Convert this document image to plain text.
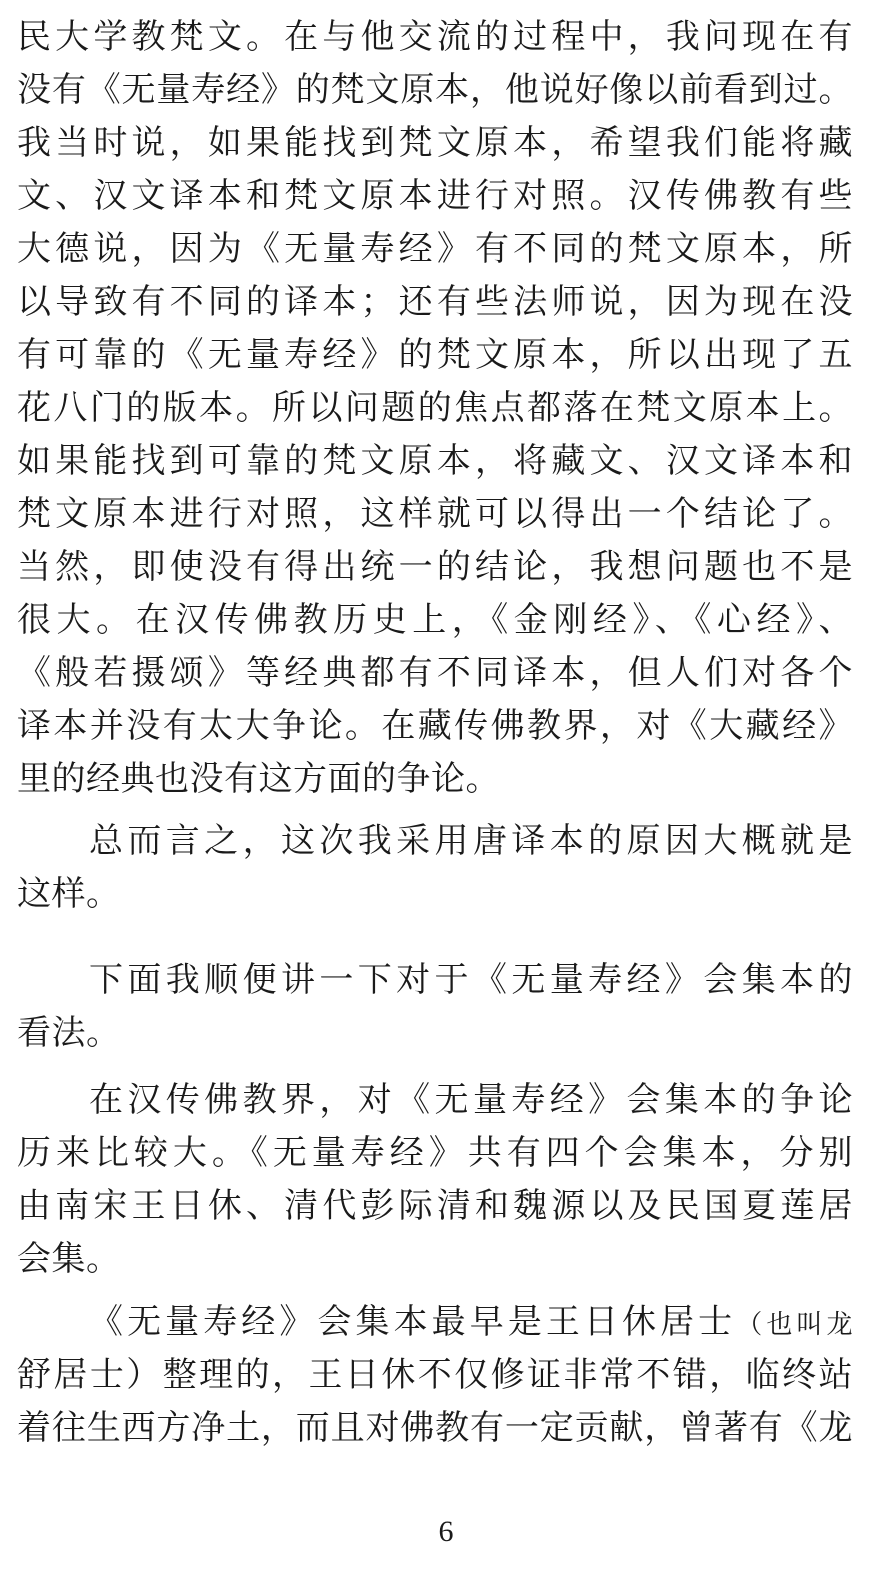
民大学教梵文。在与他交流的过程中，我问现在有
没有《无量寿经》的梵文原本，他说好像以前看到过。
我当时说，如果能找到梵文原本，希望我们能将藏
文、汉文译本和梵文原本进行对照。汉传佛教有些
大德说，因为《无量寿经》有不同的梵文原本，所
以导致有不同的译本；还有些法师说，因为现在没
有可靠的《无量寿经》的梵文原本，所以出现了五
花八门的版本。所以问题的焦点都落在梵文原本上。
如果能找到可靠的梵文原本，将藏文、汉文译本和
梵文原本进行对照，这样就可以得出一个结论了。
当然，即使没有得出统一的结论，我想问题也不是
很大。在汉传佛教历史上，《金刚经》、《心经》、
《般若摄颂》等经典都有不同译本，但人们对各个
译本并没有太大争论。在藏传佛教界，对《大藏经》
里的经典也没有这方面的争论。
总而言之，这次我采用唐译本的原因大概就是
这样。
下面我顺便讲一下对于《无量寿经》会集本的
看法。
在汉传佛教界，对《无量寿经》会集本的争论
历来比较大。《无量寿经》共有四个会集本，分别
由南宋王日休、清代彭际清和魏源以及民国夏莲居
会集。
《无量寿经》会集本最早是王日休居士（也叫龙
舒居士）整理的，王日休不仅修证非常不错，临终站
着往生西方净土，而且对佛教有一定贡献，曾著有《龙
6
